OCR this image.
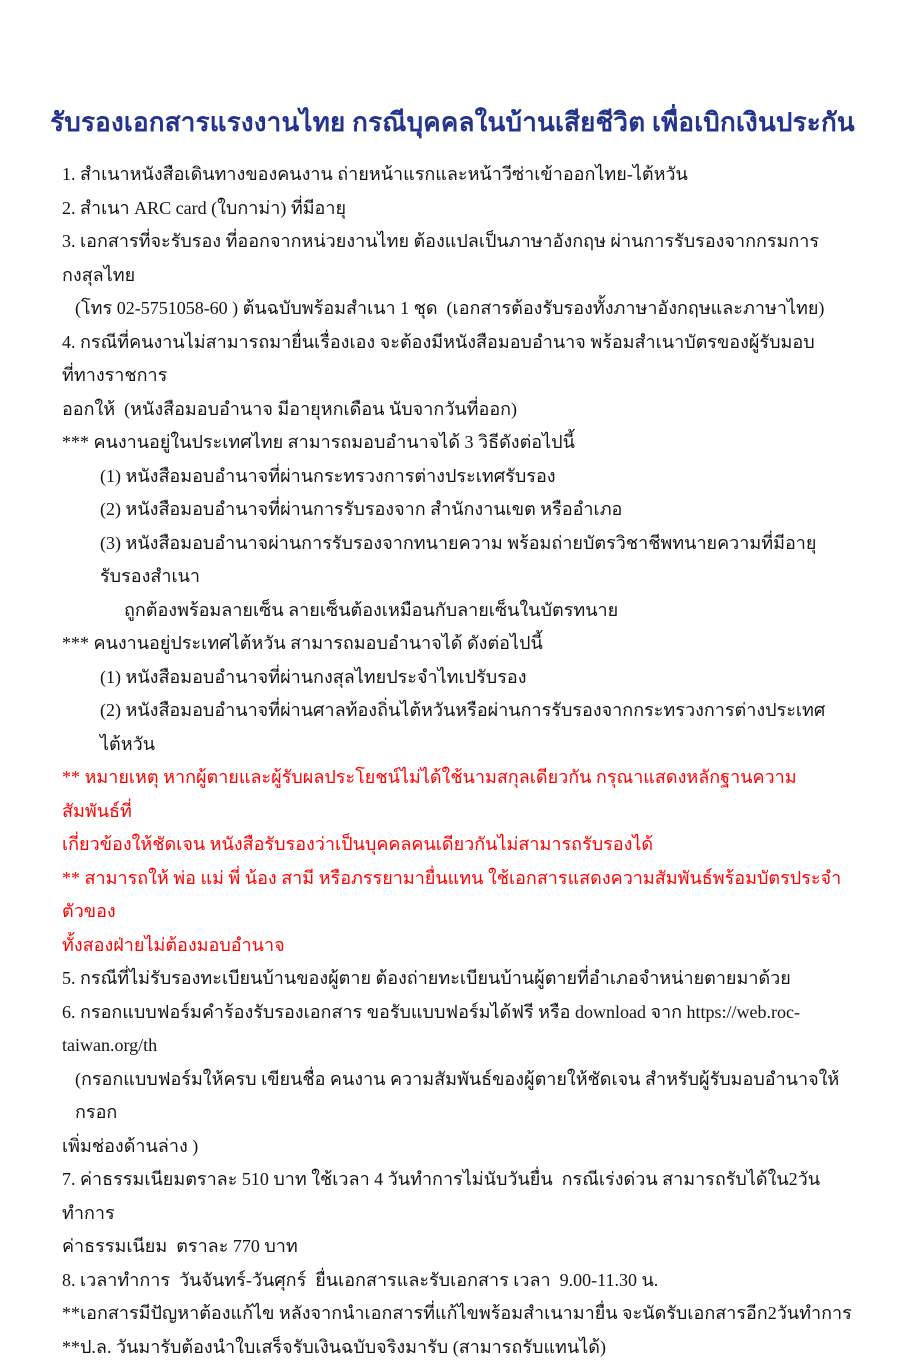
รับรองเอกสารแรงงานไทย กรณีบุคคลในบ้านเสียชีวิต เพื่อเบิกเงินประกัน

1. สำเนาหนังสือเดินทางของคนงาน ถ่ายหน้าแรกและหน้าวีซ่าเข้าออกไทย-ไต้หวัน

2. สำเนา ARC card (ใบกาม่า) ที่มีอายุ

3. เอกสารที่จะรับรอง ที่ออกจากหน่วยงานไทย ต้องแปลเป็นภาษาอังกฤษ ผ่านการรับรองจากกรมการกงสุลไทย

(โทร 02-5751058-60 ) ต้นฉบับพร้อมสำเนา 1 ชุด  (เอกสารต้องรับรองทั้งภาษาอังกฤษและภาษาไทย)

4. กรณีที่คนงานไม่สามารถมายื่นเรื่องเอง จะต้องมีหนังสือมอบอำนาจ พร้อมสำเนาบัตรของผู้รับมอบที่ทางราชการ

ออกให้  (หนังสือมอบอำนาจ มีอายุหกเดือน นับจากวันที่ออก)

*** คนงานอยู่ในประเทศไทย สามารถมอบอำนาจได้ 3 วิธีดังต่อไปนี้

(1) หนังสือมอบอำนาจที่ผ่านกระทรวงการต่างประเทศรับรอง

(2) หนังสือมอบอำนาจที่ผ่านการรับรองจาก สำนักงานเขต หรืออำเภอ

(3) หนังสือมอบอำนาจผ่านการรับรองจากทนายความ พร้อมถ่ายบัตรวิชาชีพทนายความที่มีอายุ รับรองสำเนา

ถูกต้องพร้อมลายเซ็น ลายเซ็นต้องเหมือนกับลายเซ็นในบัตรทนาย

*** คนงานอยู่ประเทศไต้หวัน สามารถมอบอำนาจได้ ดังต่อไปนี้

(1) หนังสือมอบอำนาจที่ผ่านกงสุลไทยประจำไทเปรับรอง

(2) หนังสือมอบอำนาจที่ผ่านศาลท้องถิ่นไต้หวันหรือผ่านการรับรองจากกระทรวงการต่างประเทศไต้หวัน

** หมายเหตุ หากผู้ตายและผู้รับผลประโยชน์ไม่ได้ใช้นามสกุลเดียวกัน กรุณาแสดงหลักฐานความสัมพันธ์ที่

เกี่ยวข้องให้ชัดเจน หนังสือรับรองว่าเป็นบุคคลคนเดียวกันไม่สามารถรับรองได้

** สามารถให้ พ่อ แม่ พี่ น้อง สามี หรือภรรยามายื่นแทน ใช้เอกสารแสดงความสัมพันธ์พร้อมบัตรประจำตัวของ

ทั้งสองฝ่ายไม่ต้องมอบอำนาจ

5. กรณีที่ไม่รับรองทะเบียนบ้านของผู้ตาย ต้องถ่ายทะเบียนบ้านผู้ตายที่อำเภอจำหน่ายตายมาด้วย

6. กรอกแบบฟอร์มคำร้องรับรองเอกสาร ขอรับแบบฟอร์มได้ฟรี หรือ download จาก https://web.roc-taiwan.org/th

(กรอกแบบฟอร์มให้ครบ เขียนชื่อ คนงาน ความสัมพันธ์ของผู้ตายให้ชัดเจน สำหรับผู้รับมอบอำนาจให้กรอก

เพิ่มช่องด้านล่าง )

7. ค่าธรรมเนียมตราละ 510 บาท ใช้เวลา 4 วันทำการไม่นับวันยื่น  กรณีเร่งด่วน สามารถรับได้ใน2วันทำการ

ค่าธรรมเนียม  ตราละ 770 บาท

8. เวลาทำการ  วันจันทร์-วันศุกร์  ยื่นเอกสารและรับเอกสาร เวลา  9.00-11.30 น.

**เอกสารมีปัญหาต้องแก้ไข หลังจากนำเอกสารที่แก้ไขพร้อมสำเนามายื่น จะนัดรับเอกสารอีก2วันทำการ

**ป.ล. วันมารับต้องนำใบเสร็จรับเงินฉบับจริงมารับ (สามารถรับแทนได้)
